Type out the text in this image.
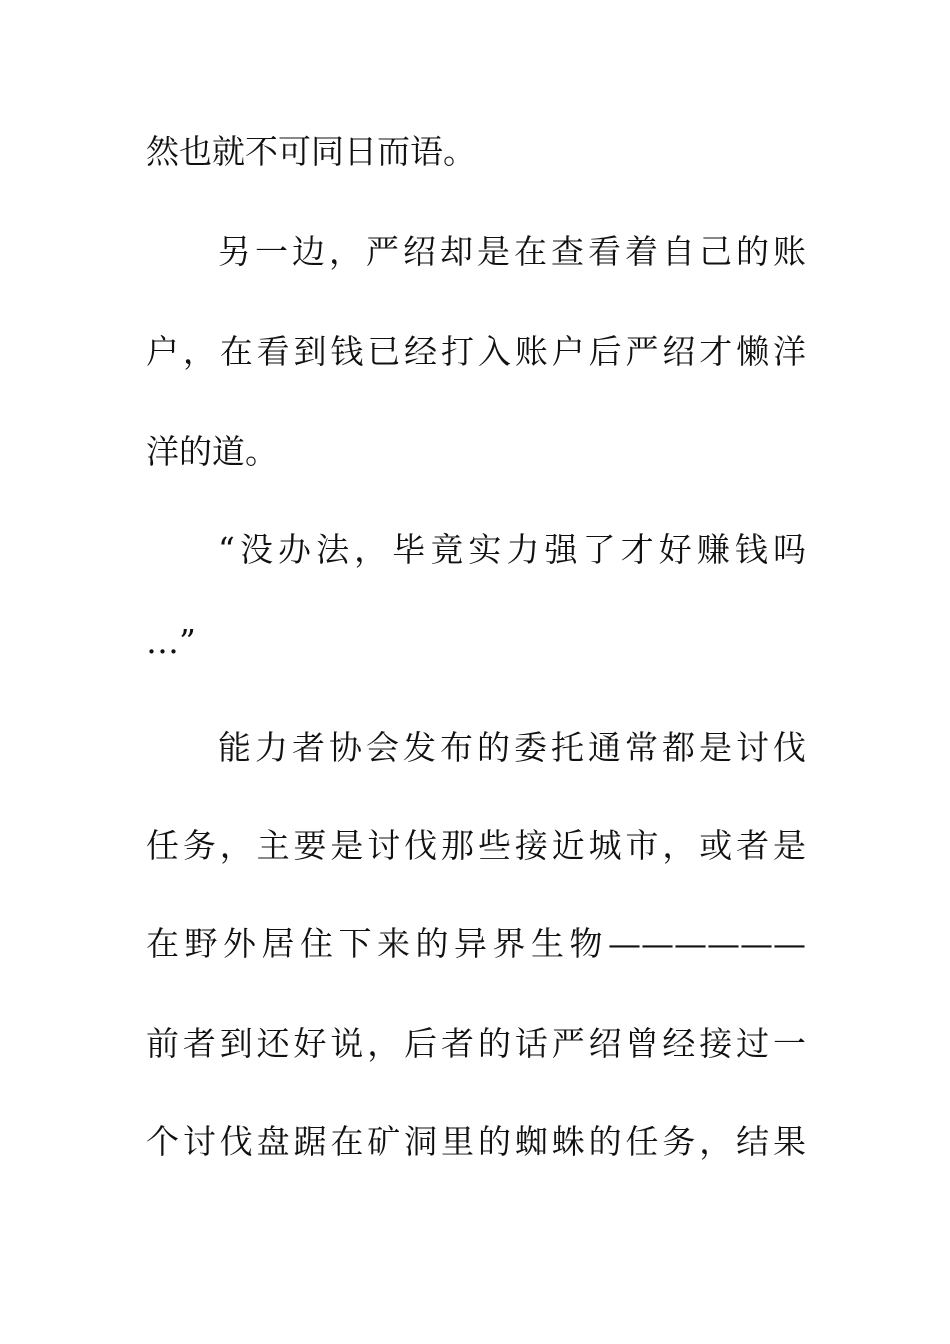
然也就不可同日而语。
另一边，严绍却是在查看着自己的账
户，在看到钱已经打入账户后严绍才懒洋
洋的道。
“没办法，毕竟实力强了才好赚钱吗
…”
能力者协会发布的委托通常都是讨伐
任务，主要是讨伐那些接近城市，或者是
在野外居住下来的异界生物——————
前者到还好说，后者的话严绍曾经接过一
个讨伐盘踞在矿洞里的蜘蛛的任务，结果
